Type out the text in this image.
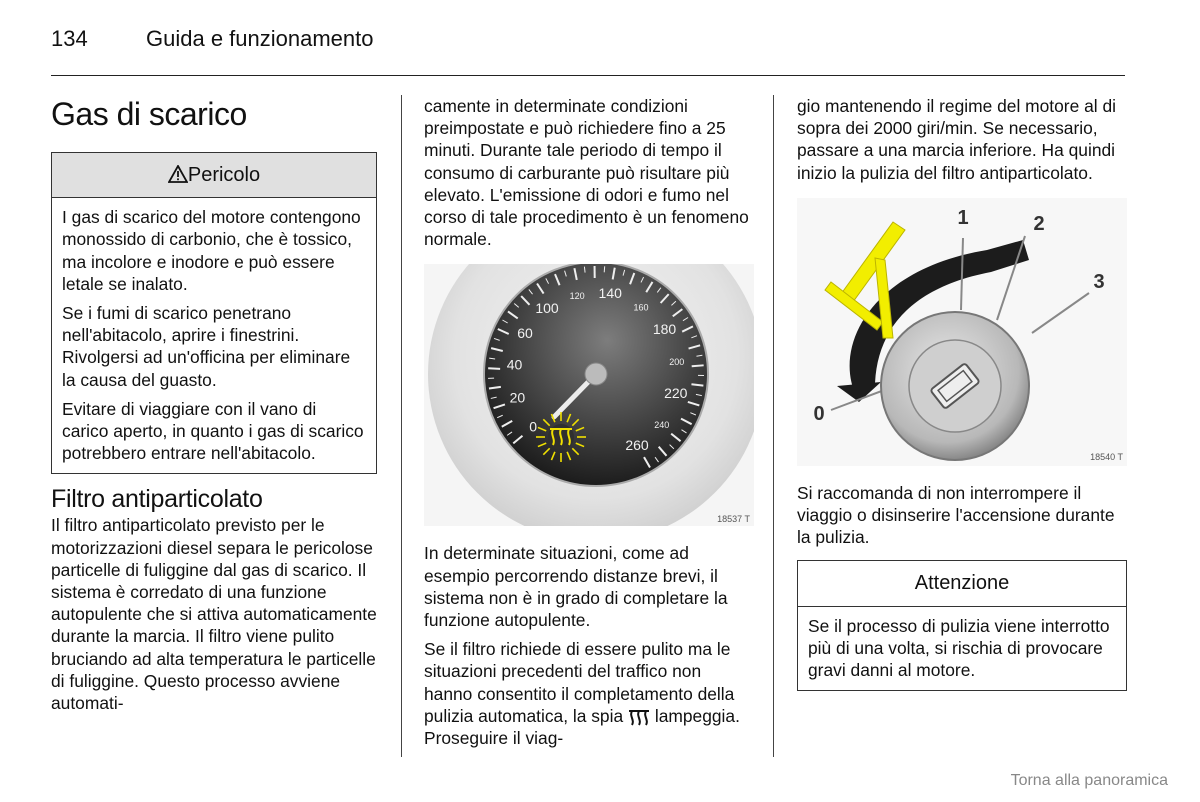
134	Guida e funzionamento
Gas di scarico
Pericolo

I gas di scarico del motore contengono monossido di carbonio, che è tossico, ma incolore e inodore e può essere letale se inalato.

Se i fumi di scarico penetrano nell'abitacolo, aprire i finestrini. Rivolgersi ad un'officina per eliminare la causa del guasto.

Evitare di viaggiare con il vano di carico aperto, in quanto i gas di scarico potrebbero entrare nell'abitacolo.

Filtro antiparticolato

Il filtro antiparticolato previsto per le motorizzazioni diesel separa le pericolose particelle di fuliggine dal gas di scarico. Il sistema è corredato di una funzione autopulente che si attiva automaticamente durante la marcia. Il filtro viene pulito bruciando ad alta temperatura le particelle di fuliggine. Questo processo avviene automati-

camente in determinate condizioni preimpostate e può richiedere fino a 25 minuti. Durante tale periodo di tempo il consumo di carburante può risultare più elevato. L'emissione di odori e fumo nel corso di tale procedimento è un fenomeno normale.

0
20
40
60
100
120 140
160
180
200
220
240
260
18537 T

In determinate situazioni, come ad esempio percorrendo distanze brevi, il sistema non è in grado di completare la funzione autopulente.

Se il filtro richiede di essere pulito ma le situazioni precedenti del traffico non hanno consentito il completamento della pulizia automatica, la spia lampeggia. Proseguire il viag-

gio mantenendo il regime del motore al di sopra dei 2000 giri/min. Se necessario, passare a una marcia inferiore. Ha quindi inizio la pulizia del filtro antiparticolato.

1	2
3
0
18540 T

Si raccomanda di non interrompere il viaggio o disinserire l'accensione durante la pulizia.

Attenzione

Se il processo di pulizia viene interrotto più di una volta, si rischia di provocare gravi danni al motore.

Torna alla panoramica
